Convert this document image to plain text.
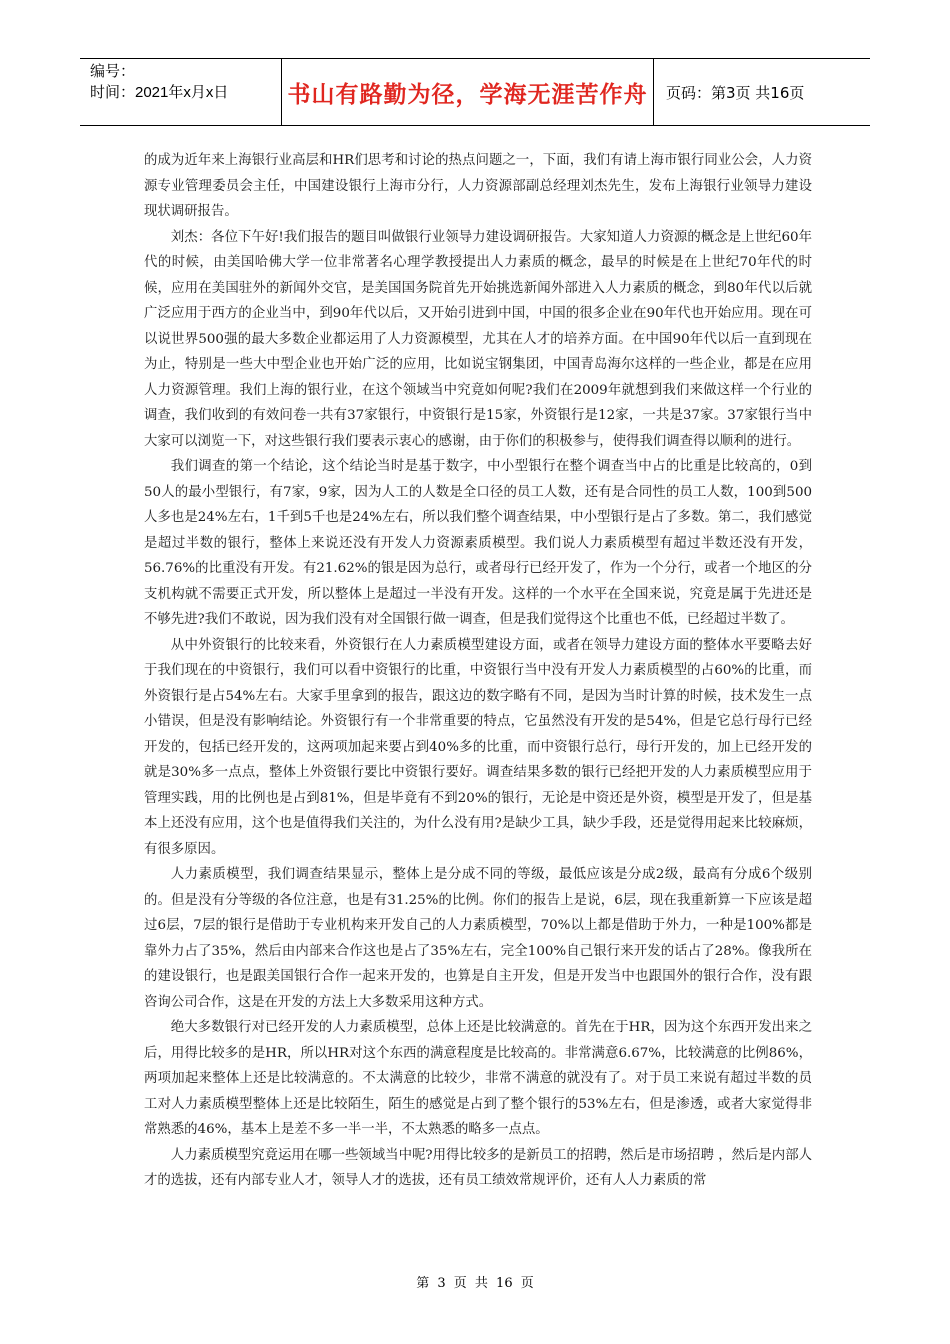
编号：
时间：2021年x月x日	书山有路勤为径，学海无涯苦作舟 页码：第3页 共16页

的成为近年来上海银行业高层和HR们思考和讨论的热点问题之一，下面，我们有请上海市银行同业公会，人力资源专业管理委员会主任，中国建设银行上海市分行，人力资源部副总经理刘杰先生，发布上海银行业领导力建设现状调研报告。

刘杰：各位下午好!我们报告的题目叫做银行业领导力建设调研报告。大家知道人力资源的概念是上世纪60年代的时候，由美国哈佛大学一位非常著名心理学教授提出人力素质的概念，最早的时候是在上世纪70年代的时候，应用在美国驻外的新闻外交官，是美国国务院首先开始挑选新闻外部进入人力素质的概念，到80年代以后就广泛应用于西方的企业当中，到90年代以后，又开始引进到中国，中国的很多企业在90年代也开始应用。现在可以说世界500强的最大多数企业都运用了人力资源模型，尤其在人才的培养方面。在中国90年代以后一直到现在为止，特别是一些大中型企业也开始广泛的应用，比如说宝钢集团，中国青岛海尔这样的一些企业，都是在应用人力资源管理。我们上海的银行业，在这个领域当中究竟如何呢?我们在2009年就想到我们来做这样一个行业的调查，我们收到的有效问卷一共有37家银行，中资银行是15家，外资银行是12家，一共是37家。37家银行当中大家可以浏览一下，对这些银行我们要表示衷心的感谢，由于你们的积极参与，使得我们调查得以顺利的进行。

我们调查的第一个结论，这个结论当时是基于数字，中小型银行在整个调查当中占的比重是比较高的，0到50人的最小型银行，有7家，9家，因为人工的人数是全口径的员工人数，还有是合同性的员工人数，100到500人多也是24%左右，1千到5千也是24%左右，所以我们整个调查结果，中小型银行是占了多数。第二，我们感觉是超过半数的银行，整体上来说还没有开发人力资源素质模型。我们说人力素质模型有超过半数还没有开发，56.76%的比重没有开发。有21.62%的银是因为总行，或者母行已经开发了，作为一个分行，或者一个地区的分支机构就不需要正式开发，所以整体上是超过一半没有开发。这样的一个水平在全国来说，究竟是属于先进还是不够先进?我们不敢说，因为我们没有对全国银行做一调查，但是我们觉得这个比重也不低，已经超过半数了。

从中外资银行的比较来看，外资银行在人力素质模型建设方面，或者在领导力建设方面的整体水平要略去好于我们现在的中资银行，我们可以看中资银行的比重，中资银行当中没有开发人力素质模型的占60%的比重，而外资银行是占54%左右。大家手里拿到的报告，跟这边的数字略有不同，是因为当时计算的时候，技术发生一点小错误，但是没有影响结论。外资银行有一个非常重要的特点，它虽然没有开发的是54%，但是它总行母行已经开发的，包括已经开发的，这两项加起来要占到40%多的比重，而中资银行总行，母行开发的，加上已经开发的就是30%多一点点，整体上外资银行要比中资银行要好。调查结果多数的银行已经把开发的人力素质模型应用于管理实践，用的比例也是占到81%，但是毕竟有不到20%的银行，无论是中资还是外资，模型是开发了，但是基本上还没有应用，这个也是值得我们关注的，为什么没有用?是缺少工具，缺少手段，还是觉得用起来比较麻烦，有很多原因。

人力素质模型，我们调查结果显示，整体上是分成不同的等级，最低应该是分成2级，最高有分成6个级别的。但是没有分等级的各位注意，也是有31.25%的比例。你们的报告上是说，6层，现在我重新算一下应该是超过6层，7层的银行是借助于专业机构来开发自己的人力素质模型，70%以上都是借助于外力，一种是100%都是靠外力占了35%，然后由内部来合作这也是占了35%左右，完全100%自己银行来开发的话占了28%。像我所在的建设银行，也是跟美国银行合作一起来开发的，也算是自主开发，但是开发当中也跟国外的银行合作，没有跟咨询公司合作，这是在开发的方法上大多数采用这种方式。

绝大多数银行对已经开发的人力素质模型，总体上还是比较满意的。首先在于HR，因为这个东西开发出来之后，用得比较多的是HR，所以HR对这个东西的满意程度是比较高的。非常满意6.67%，比较满意的比例86%，两项加起来整体上还是比较满意的。不太满意的比较少，非常不满意的就没有了。对于员工来说有超过半数的员工对人力素质模型整体上还是比较陌生，陌生的感觉是占到了整个银行的53%左右，但是渗透，或者大家觉得非常熟悉的46%，基本上是差不多一半一半，不太熟悉的略多一点点。

人力素质模型究竟运用在哪一些领域当中呢?用得比较多的是新员工的招聘，然后是市场招聘 ，然后是内部人才的选拔，还有内部专业人才，领导人才的选拔，还有员工绩效常规评价，还有人人力素质的常

第 3 页 共 16 页
